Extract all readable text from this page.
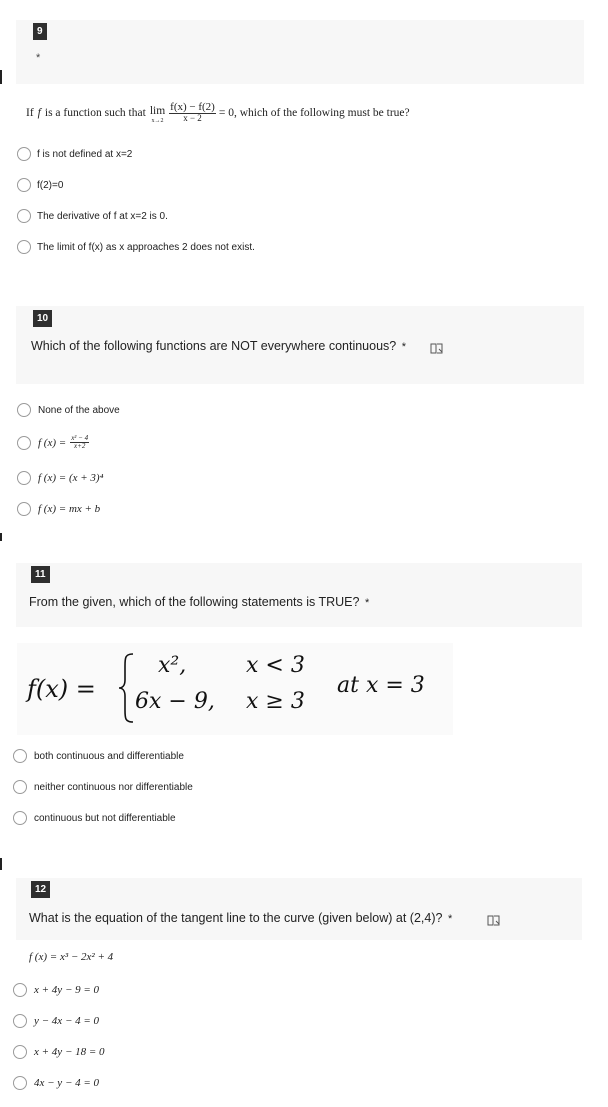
9
*
If f is a function such that lim
$x\to 2 \frac{f(x) - f(2)}{x - 2} = 0$ , which of the following must be true?
f is not defined at x=2
f(2)=0
The derivative of f at x=2 is 0.
The limit of f(x) as x approaches 2 does not exist.
10
Which of the following functions are NOT everywhere continuous? *
None of the above
f $(x) = \frac{\text{x² − 4}}{x+2}$
f (x) = (x + 3)⁴
f (x) = mx + b
11
From the given, which of the following statements is TRUE? *
f(x) =
x²,	x < 3
6x − 9, x ≥ 3
at x = 3
both continuous and differentiable
neither continuous nor differentiable
continuous but not differentiable
12
What is the equation of the tangent line to the curve (given below) at (2,4)? *
f (x) = x³ − 2x² + 4
x + 4y − 9 = 0
y − 4x − 4 = 0
x + 4y − 18 = 0
4x − y − 4 = 0
